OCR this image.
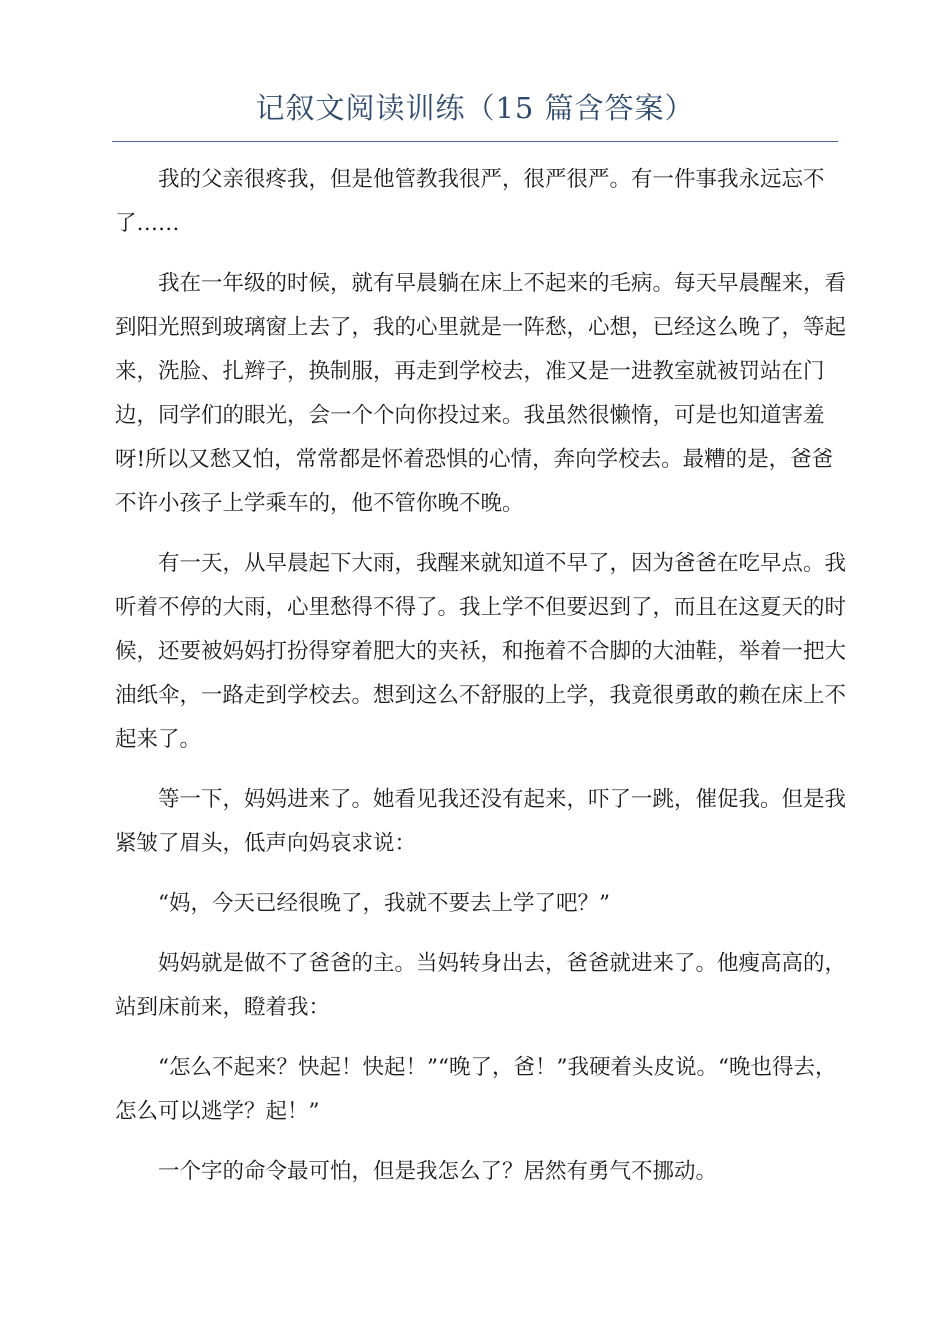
记叙文阅读训练（15 篇含答案）

我的父亲很疼我，但是他管教我很严，很严很严。有一件事我永远忘不了……

我在一年级的时候，就有早晨躺在床上不起来的毛病。每天早晨醒来，看到阳光照到玻璃窗上去了，我的心里就是一阵愁，心想，已经这么晚了，等起来，洗脸、扎辫子，换制服，再走到学校去，准又是一进教室就被罚站在门边，同学们的眼光，会一个个向你投过来。我虽然很懒惰，可是也知道害羞呀!所以又愁又怕，常常都是怀着恐惧的心情，奔向学校去。最糟的是，爸爸不许小孩子上学乘车的，他不管你晚不晚。

有一天，从早晨起下大雨，我醒来就知道不早了，因为爸爸在吃早点。我听着不停的大雨，心里愁得不得了。我上学不但要迟到了，而且在这夏天的时候，还要被妈妈打扮得穿着肥大的夹袄，和拖着不合脚的大油鞋，举着一把大油纸伞，一路走到学校去。想到这么不舒服的上学，我竟很勇敢的赖在床上不起来了。

等一下，妈妈进来了。她看见我还没有起来，吓了一跳，催促我。但是我紧皱了眉头，低声向妈哀求说：

“妈，今天已经很晚了，我就不要去上学了吧？”

妈妈就是做不了爸爸的主。当妈转身出去，爸爸就进来了。他瘦高高的，站到床前来，瞪着我：

“怎么不起来？快起！快起！”“晚了，爸！”我硬着头皮说。“晚也得去，怎么可以逃学？起！”

一个字的命令最可怕，但是我怎么了？居然有勇气不挪动。
